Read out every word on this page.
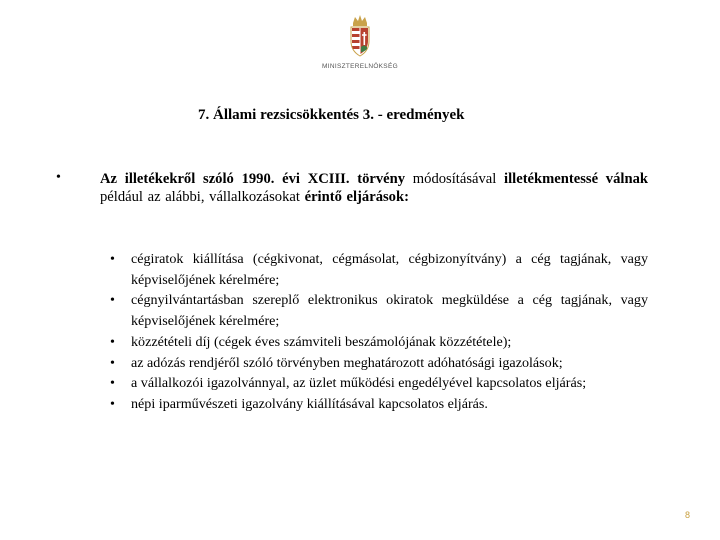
MINISZTERELNÖKSÉG
7. Állami rezsicsökkentés 3. - eredmények
•	Az illetékekről szóló 1990. évi XCIII. törvény módosításával illetékmentessé válnak például az alábbi, vállalkozásokat érintő eljárások:
• cégiratok kiállítása (cégkivonat, cégmásolat, cégbizonyítvány) a cég tagjának, vagy képviselőjének kérelmére;
• cégnyilvántartásban szereplő elektronikus okiratok megküldése a cég tagjának, vagy képviselőjének kérelmére;
• közzétételi díj (cégek éves számviteli beszámolójának közzététele);
• az adózás rendjéről szóló törvényben meghatározott adóhatósági igazolások;
• a vállalkozói igazolvánnyal, az üzlet működési engedélyével kapcsolatos eljárás;
• népi iparművészeti igazolvány kiállításával kapcsolatos eljárás.
8
